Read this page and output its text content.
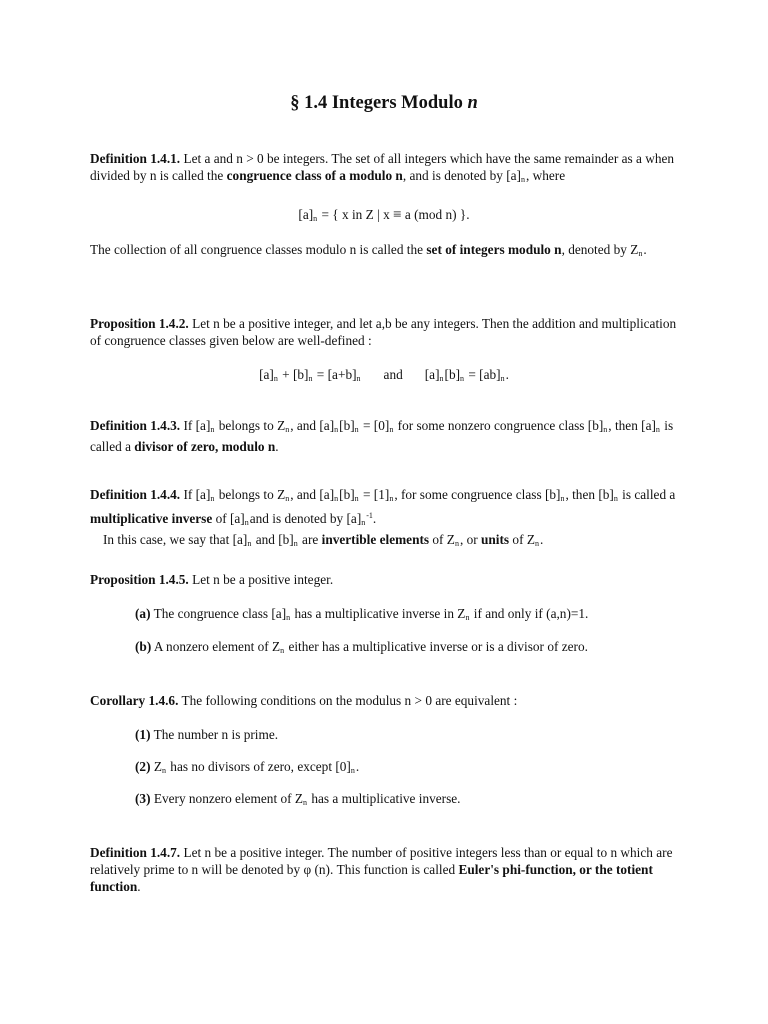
§ 1.4 Integers Modulo n

Definition 1.4.1. Let a and n > 0 be integers. The set of all integers which have the same remainder as a when divided by n is called the congruence class of a modulo n, and is denoted by $[a]_n$, where

$[a]_n$ = { x in Z | x ≡ a (mod n) }.

The collection of all congruence classes modulo n is called the set of integers modulo n, denoted by $Z_n$.

Proposition 1.4.2. Let n be a positive integer, and let a,b be any integers. Then the addition and multiplication of congruence classes given below are well-defined :

$[a]_n + [b]_n = [a+b]_n$ and $[a]_n[b]_n = [ab]_n$.

Definition 1.4.3. If $[a]_n$ belongs to $Z_n$, and $[a]_n[b]_n = [0]_n$ for some nonzero congruence class $[b]_n$, then $[a]_n$ is called a divisor of zero, modulo n.

Definition 1.4.4. If $[a]_n$ belongs to $Z_n$, and $[a]_n[b]_n = [1]_n$, for some congruence class $[b]_n$, then $[b]_n$ is called a multiplicative inverse of $[a]_nand$ is denoted by $[a]_n^{-1}$.
In this case, we say that $[a]_n$ and $[b]_n$ are invertible elements of $Z_n$, or units of $Z_n$.

Proposition 1.4.5. Let n be a positive integer.

(a) The congruence class $[a]_n$ has a multiplicative inverse in $Z_n$ if and only if (a,n)=1.

(b) A nonzero element of $Z_n$ either has a multiplicative inverse or is a divisor of zero.

Corollary 1.4.6. The following conditions on the modulus n > 0 are equivalent :

(1) The number n is prime.

(2) $Z_n$ has no divisors of zero, except $[0]_n$.

(3) Every nonzero element of $Z_n$ has a multiplicative inverse.

Definition 1.4.7. Let n be a positive integer. The number of positive integers less than or equal to n which are relatively prime to n will be denoted by φ (n). This function is called Euler's phi-function, or the totient function.
